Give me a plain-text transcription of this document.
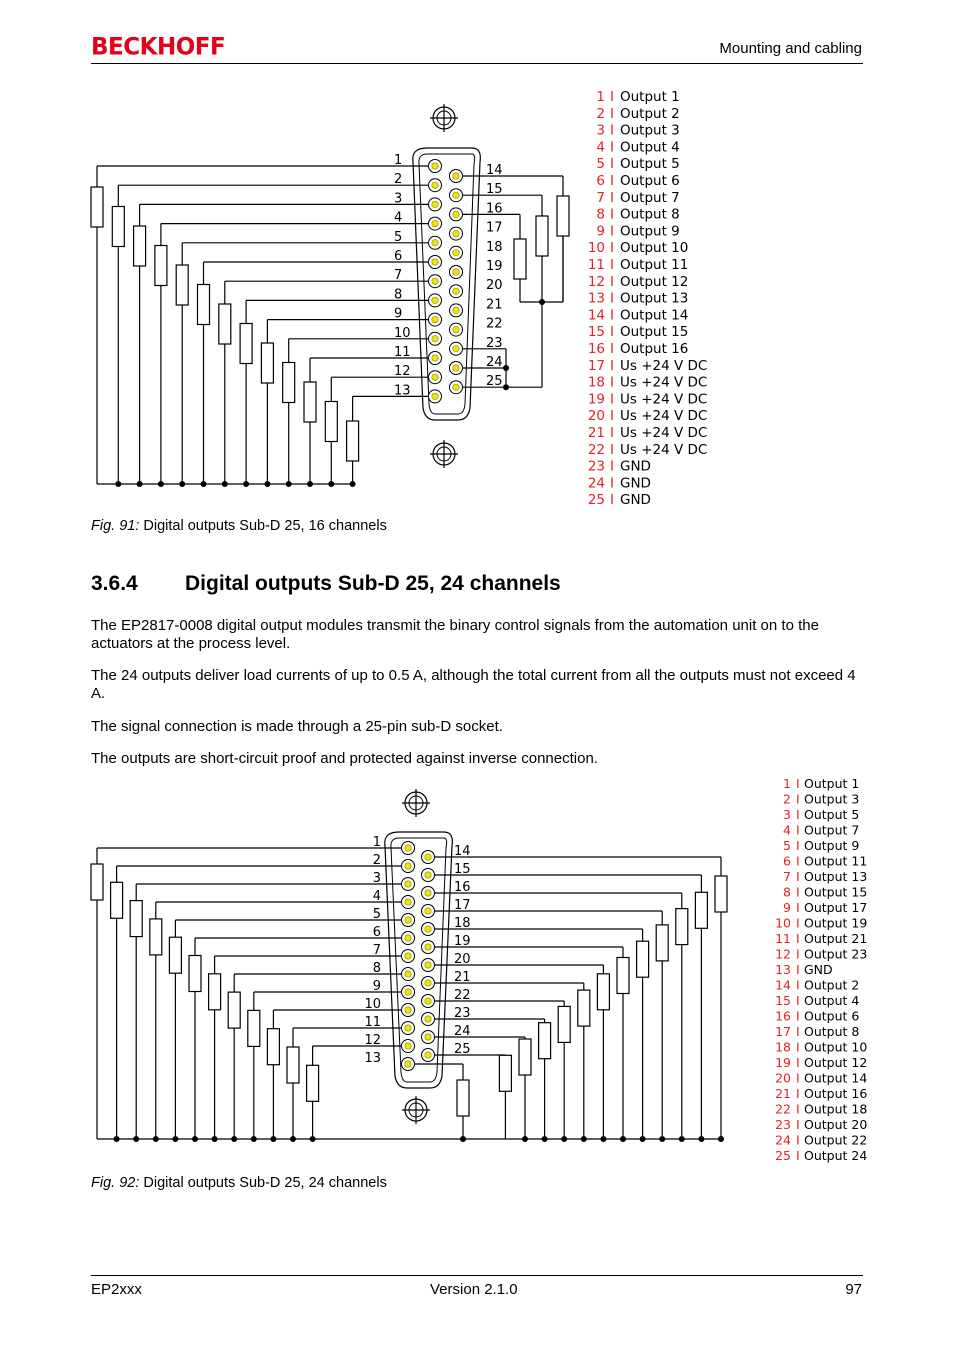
BECKHOFF	Mounting and cabling
1
2
3
4
5
6
7
8
9
10
11
12
13
14
15
16
17
18
19
20
21
22
23
24
25
1 I Output 1
2 I Output 2
3 I Output 3
4 I Output 4
5 I Output 5
6 I Output 6
7 I Output 7
8 I Output 8
9 I Output 9
10 I Output 10
11 I Output 11
12 I Output 12
13 I Output 13
14 I Output 14
15 I Output 15
16 I Output 16
17 I Us +24 V DC
18 I Us +24 V DC
19 I Us +24 V DC
20 I Us +24 V DC
21 I Us +24 V DC
22 I Us +24 V DC
23 I GND
24 I GND
25 I GND
1
2
3
4
5
6
7
8
9
10
11
12
13
14
15
16
17
18
19
20
21
22
23
24
25
1 I Output 1
2 I Output 3
3 I Output 5
4 I Output 7
5 I Output 9
6 I Output 11
7 I Output 13
8 I Output 15
9 I Output 17
10 I Output 19
11 I Output 21
12 I Output 23
13 I GND
14 I Output 2
15 I Output 4
16 I Output 6
17 I Output 8
18 I Output 10
19 I Output 12
20 I Output 14
21 I Output 16
22 I Output 18
23 I Output 20
24 I Output 22
25 I Output 24
Fig. 91: Digital outputs Sub-D 25, 16 channels
3.6.4 Digital outputs Sub-D 25, 24 channels

The EP2817-0008 digital output modules transmit the binary control signals from the automation unit on to the actuators at the process level.

The 24 outputs deliver load currents of up to 0.5 A, although the total current from all the outputs must not exceed 4 A.

The signal connection is made through a 25-pin sub-D socket.

The outputs are short-circuit proof and protected against inverse connection.

Fig. 92: Digital outputs Sub-D 25, 24 channels
EP2xxx	Version 2.1.0	97
